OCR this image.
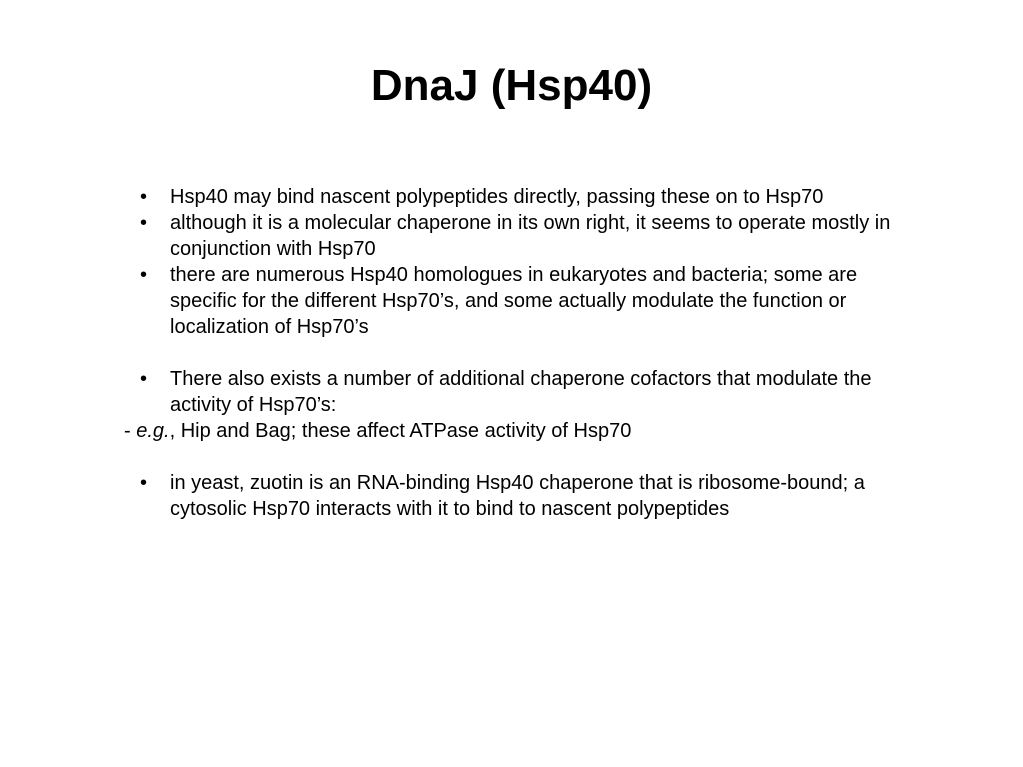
DnaJ (Hsp40)

• Hsp40 may bind nascent polypeptides directly, passing these on to Hsp70

• although it is a molecular chaperone in its own right, it seems to operate mostly in conjunction with Hsp70

• there are numerous Hsp40 homologues in eukaryotes and bacteria; some are specific for the different Hsp70’s, and some actually modulate the function or localization of Hsp70’s

• There also exists a number of additional chaperone cofactors that modulate the activity of Hsp70’s:

- e.g., Hip and Bag; these affect ATPase activity of Hsp70

• in yeast, zuotin is an RNA-binding Hsp40 chaperone that is ribosome-bound; a cytosolic Hsp70 interacts with it to bind to nascent polypeptides
